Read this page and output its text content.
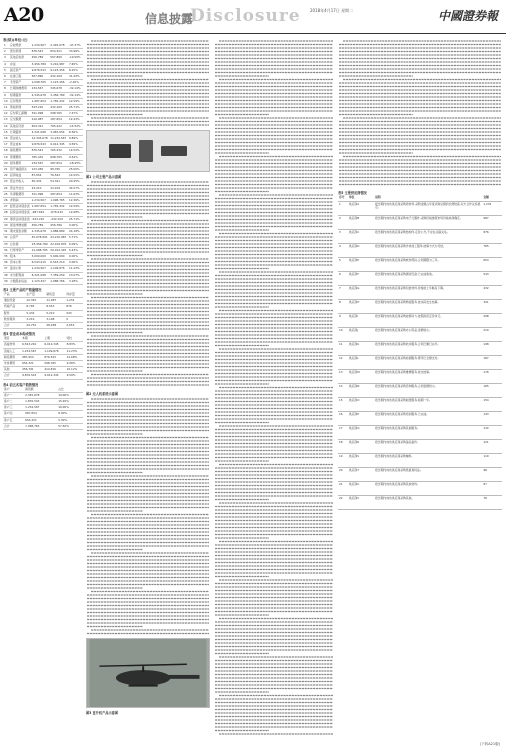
A20	信息披露
Disclosure 2018年4月17日 星期二	中國證券報
表(续)(单位:元)
1	应收账款	1,234,567	2,345,678	-47.37%
2	预付款项	876,543	654,321	33.96%
3	其他应收款	456,789	567,890	-19.56%
4	存货	3,456,789	3,210,987	7.65%
5	固定资产	9,876,543	9,123,456	8.25%
6	在建工程	567,890	432,109	31.42%
7	无形资产	1,098,765	1,123,456	-2.20%
8	长期待摊费用	234,567	345,678	-32.14%
9	短期借款	2,345,678	3,456,789	-32.14%
10	应付账款	1,987,654	1,765,432	12.59%
11	预收款项	543,210	432,109	25.71%
12	应付职工薪酬	321,098	298,765	7.47%
13	应交税费	210,987	187,654	12.43%
14	其他应付款	654,321	765,432	-14.52%
15	长期借款	4,321,098	3,987,654	8.36%
16	营业收入	12,345,678	11,234,567	9.89%
17	营业成本	9,876,543	9,012,345	9.59%
18	销售费用	876,543	765,432	14.52%
19	管理费用	765,432	698,765	9.54%
20	财务费用	234,567	287,654	-18.45%
21	资产减值损失	123,456	98,765	25.00%
22	投资收益	87,654	76,543	14.52%
23	营业外收入	65,432	54,321	20.45%
24	营业外支出	43,210	32,109	34.57%
25	所得税费用	321,098	287,654	11.63%
26	净利润	1,234,567	1,098,765	12.36%
27	经营活动现金流	1,987,654	1,765,432	12.59%
28	投资活动现金流	-987,654	-876,543	12.68%
29	筹资活动现金流	-543,210	-432,109	25.71%
30	现金净增加额	456,789	456,780	0.00%
31	期末现金余额	2,345,678	1,888,889	24.18%
32	总资产	45,678,901	43,210,987	5.71%
33	总负债	23,456,789	22,109,876	6.09%
34	归母净资产	21,098,765	20,012,345	5.43%
35	股本	5,000,000	5,000,000	0.00%
36	资本公积	6,543,210	6,543,210	0.00%
37	盈余公积	1,234,567	1,109,876	11.23%
38	未分配利润	8,321,098	7,359,259	13.07%
39	少数股东权益	1,123,347	1,088,766	3.18%
表2 主要产品的产销量情况
产品	生产量	销售量	库存量
通信设备	12,345	11,987	1,234
终端产品	8,765	8,543	876
配件	5,432	5,210	543
软件服务	3,210	3,198	0
合计	29,752	28,938	2,653
表3 营业成本构成情况
项目	本期	上期	同比
直接材料	6,543,210	6,012,345	8.83%
直接人工	1,234,567	1,109,876	11.23%
制造费用	987,654	876,543	12.68%
外协费用	654,321	598,765	9.28%
其他	456,791	414,816	10.12%
合计	9,876,543	9,012,345	9.59%
表4 前五名客户销售情况
客户	销售额	占比
客户一	2,345,678	19.00%
客户二	1,876,543	15.20%
客户三	1,234,567	10.00%
客户四	987,654	8.00%
客户五	654,321	5.30%
合计	7,098,763	57.50%
图1 公司主要产品示意图
图2 无人机系统示意图
图3 直升机产品示意图
表5 主要供应商情况
序号	单位	说明	金额
1	供应商A	报告期内向该供应商采购原材料,采购金额占年度采购总额的比例较高,双方合作关系稳定。	1,234
2	供应商B	报告期内向该供应商采购电子元器件,采购价格参照市场价格协商确定。	987
3	供应商C	报告期内向该供应商采购结构件,定价公允,不存在关联关系。	876
4	供应商D	报告期内向该供应商采购外协加工服务,结算方式为月结。	765
5	供应商E	报告期内向该供应商采购软件授权,合同期限为三年。	654
6	供应商F	报告期内向该供应商采购测试设备,已完成验收。	543
7	供应商G	报告期内向该供应商采购包装材料,价格较上年略有下降。	432
8	供应商H	报告期内向该供应商采购物流服务,按实际发生结算。	321
9	供应商I	报告期内向该供应商采购能源动力,按照政府定价执行。	298
10	供应商J	报告期内向该供应商采购办公用品,金额较小。	210
11	供应商K	报告期内向该供应商采购技术服务,合同已履行完毕。	198
12	供应商L	报告期内向该供应商采购检测服务,费用已全额支付。	187
13	供应商M	报告期内向该供应商采购维修服务,按次结算。	176
14	供应商N	报告期内向该供应商采购咨询服务,合同金额较小。	165
15	供应商O	报告期内向该供应商采购租赁服务,租期一年。	154
16	供应商P	报告期内向该供应商采购培训服务,已完成。	143
17	供应商Q	报告期内向该供应商采购其他服务。	132
18	供应商R	报告期内向该供应商采购备品备件。	121
19	供应商S	报告期内向该供应商采购辅料。	110
20	供应商T	报告期内向该供应商采购低值易耗品。	98
21	供应商U	报告期内向该供应商采购其他材料。	87
22	供应商V	报告期内向该供应商采购其他。	76
(下转A21版)
